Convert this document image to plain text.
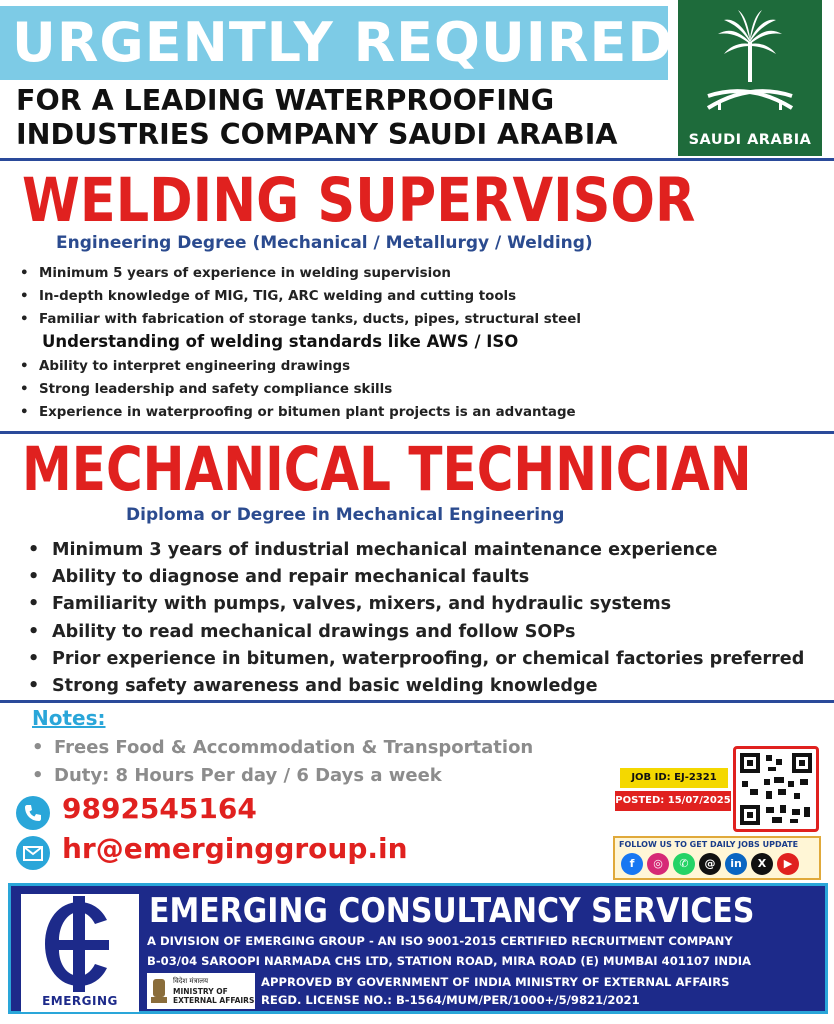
URGENTLY REQUIRED
FOR A LEADING WATERPROOFING
INDUSTRIES COMPANY SAUDI ARABIA	SAUDI ARABIA
WELDING SUPERVISOR
Engineering Degree (Mechanical / Metallurgy / Welding)
• Minimum 5 years of experience in welding supervision
• In-depth knowledge of MIG, TIG, ARC welding and cutting tools
• Familiar with fabrication of storage tanks, ducts, pipes, structural steel
Understanding of welding standards like AWS / ISO
• Ability to interpret engineering drawings
• Strong leadership and safety compliance skills
• Experience in waterproofing or bitumen plant projects is an advantage
MECHANICAL TECHNICIAN
Diploma or Degree in Mechanical Engineering
• Minimum 3 years of industrial mechanical maintenance experience
• Ability to diagnose and repair mechanical faults
• Familiarity with pumps, valves, mixers, and hydraulic systems
• Ability to read mechanical drawings and follow SOPs
• Prior experience in bitumen, waterproofing, or chemical factories preferred
• Strong safety awareness and basic welding knowledge
Notes:
• Frees Food & Accommodation & Transportation
• Duty: 8 Hours Per day / 6 Days a week
9892545164
hr@emerginggroup.in
JOB ID: EJ-2321
POSTED: 15/07/2025
FOLLOW US TO GET DAILY JOBS UPDATE
f	◎	✆	@	in	X	▶
EMERGING
EMERGING CONSULTANCY SERVICES
A DIVISION OF EMERGING GROUP - AN ISO 9001-2015 CERTIFIED RECRUITMENT COMPANY
B-03/04 SAROOPI NARMADA CHS LTD, STATION ROAD, MIRA ROAD (E) MUMBAI 401107 INDIA
विदेश मंत्रालय
MINISTRY OF
EXTERNAL AFFAIRS
APPROVED BY GOVERNMENT OF INDIA MINISTRY OF EXTERNAL AFFAIRS
REGD. LICENSE NO.: B-1564/MUM/PER/1000+/5/9821/2021
